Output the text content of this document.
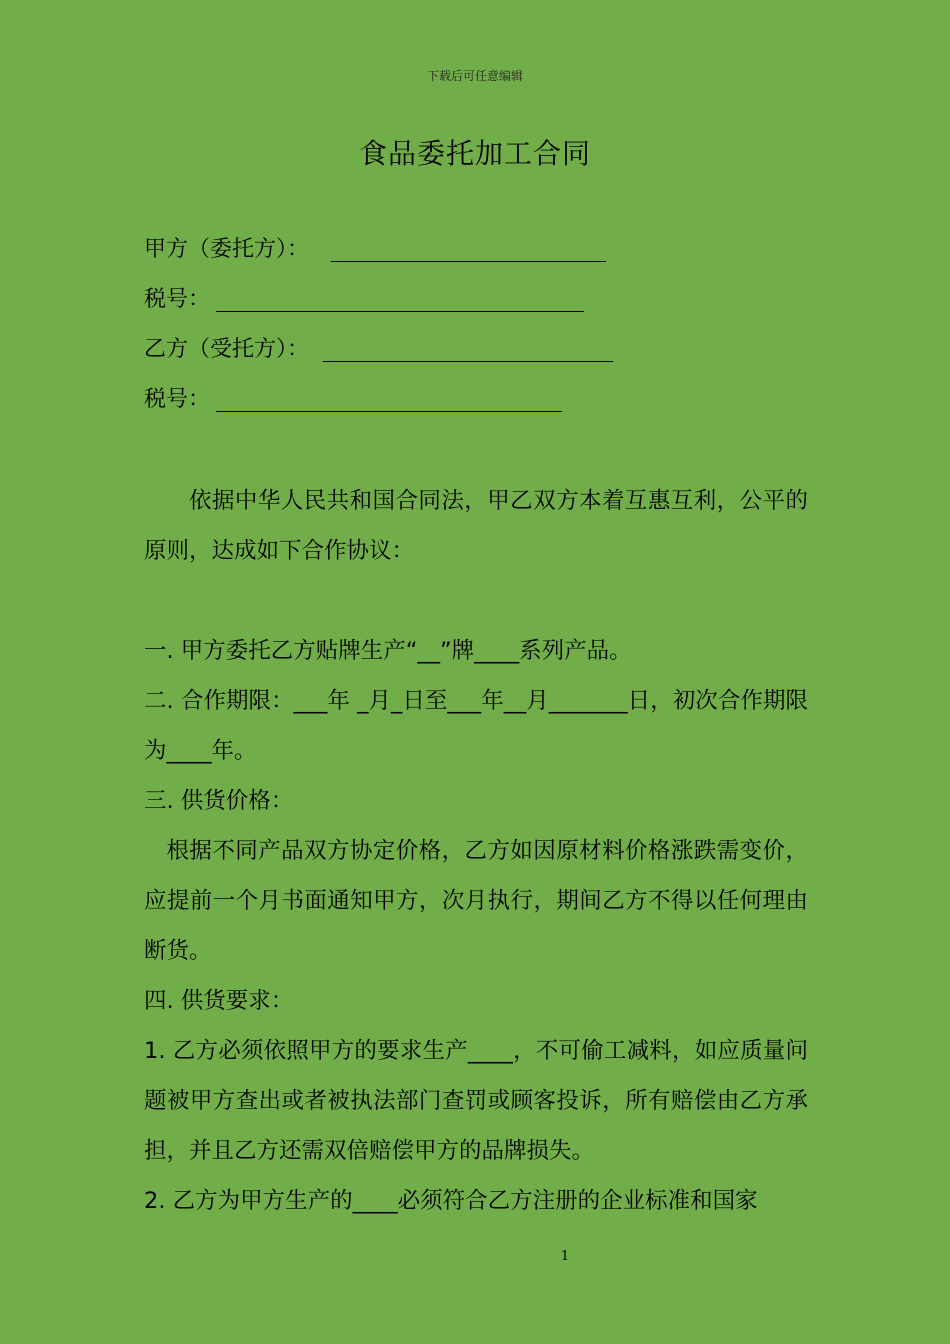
下载后可任意编辑
食品委托加工合同
甲方（委托方）：
税号：
乙方（受托方）：
税号：

依据中华人民共和国合同法，甲乙双方本着互惠互利，公平的原则，达成如下合作协议：

一. 甲方委托乙方贴牌生产“__”牌____系列产品。

二. 合作期限：___年 _月_日至___年__月_______日，初次合作期限为____年。

三. 供货价格：

根据不同产品双方协定价格，乙方如因原材料价格涨跌需变价，应提前一个月书面通知甲方，次月执行，期间乙方不得以任何理由断货。

四. 供货要求：

1. 乙方必须依照甲方的要求生产____，不可偷工减料，如应质量问题被甲方查出或者被执法部门查罚或顾客投诉，所有赔偿由乙方承担，并且乙方还需双倍赔偿甲方的品牌损失。

2. 乙方为甲方生产的____必须符合乙方注册的企业标准和国家

1
